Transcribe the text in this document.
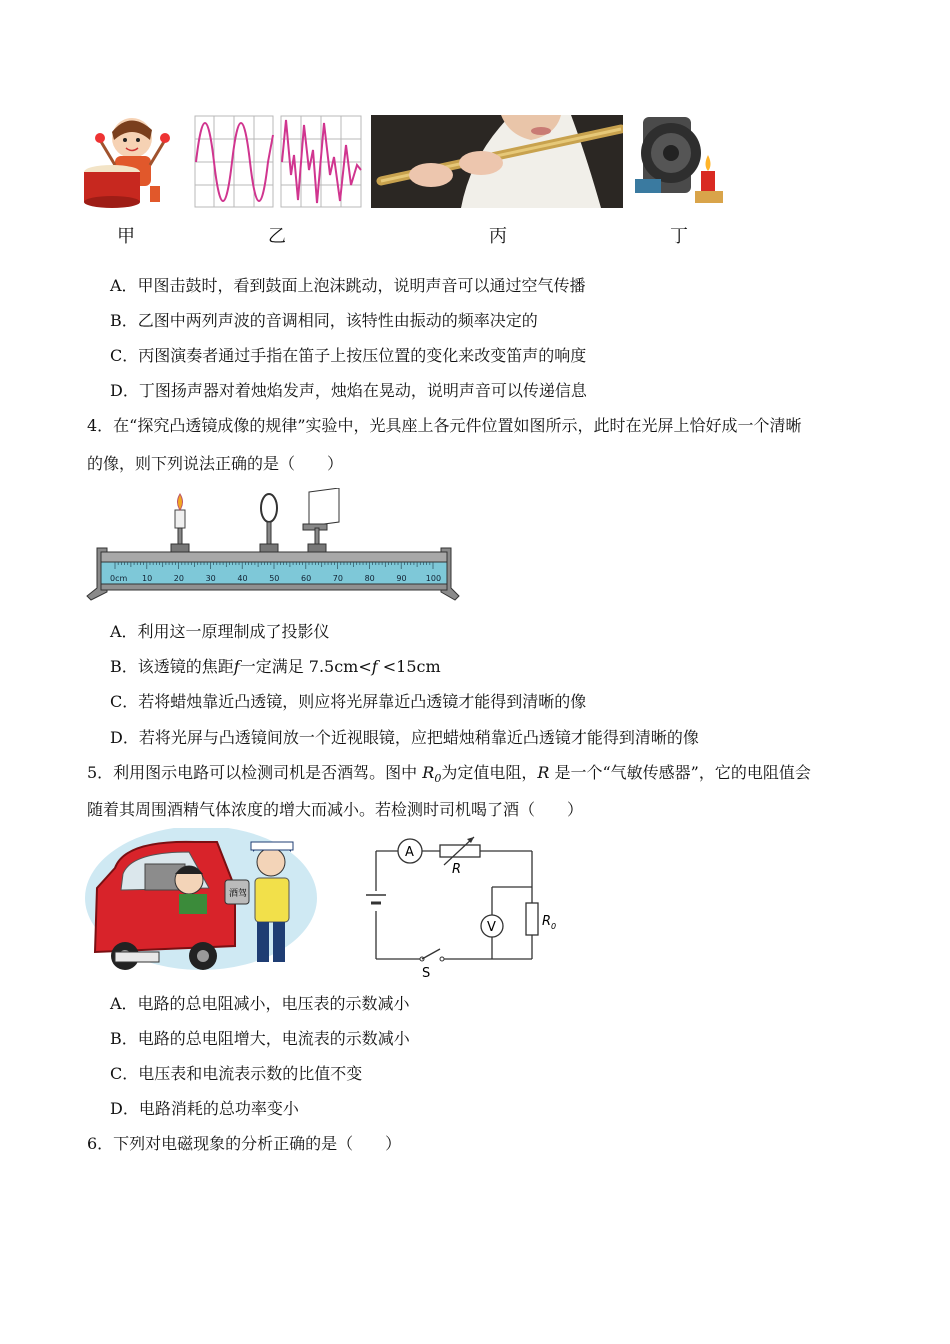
甲	乙	丙	丁
A．甲图击鼓时，看到鼓面上泡沫跳动，说明声音可以通过空气传播
B．乙图中两列声波的音调相同，该特性由振动的频率决定的
C．丙图演奏者通过手指在笛子上按压位置的变化来改变笛声的响度
D．丁图扬声器对着烛焰发声，烛焰在晃动，说明声音可以传递信息
4．在“探究凸透镜成像的规律”实验中，光具座上各元件位置如图所示，此时在光屏上恰好成一个清晰
的像，则下列说法正确的是（　　）
0cm 10	20	30	40	50	60	70	80	90 100
A．利用这一原理制成了投影仪
B．该透镜的焦距f一定满足 7.5cm<f <15cm
C．若将蜡烛靠近凸透镜，则应将光屏靠近凸透镜才能得到清晰的像
D．若将光屏与凸透镜间放一个近视眼镜，应把蜡烛稍靠近凸透镜才能得到清晰的像
5．利用图示电路可以检测司机是否酒驾。图中 $R_0$为定值电阻，R 是一个“气敏传感器”，它的电阻值会
随着其周围酒精气体浓度的增大而减小。若检测时司机喝了酒（　　）
酒驾
A
R
V	R 0
S
A．电路的总电阻减小，电压表的示数减小
B．电路的总电阻增大，电流表的示数减小
C．电压表和电流表示数的比值不变
D．电路消耗的总功率变小
6．下列对电磁现象的分析正确的是（　　）
